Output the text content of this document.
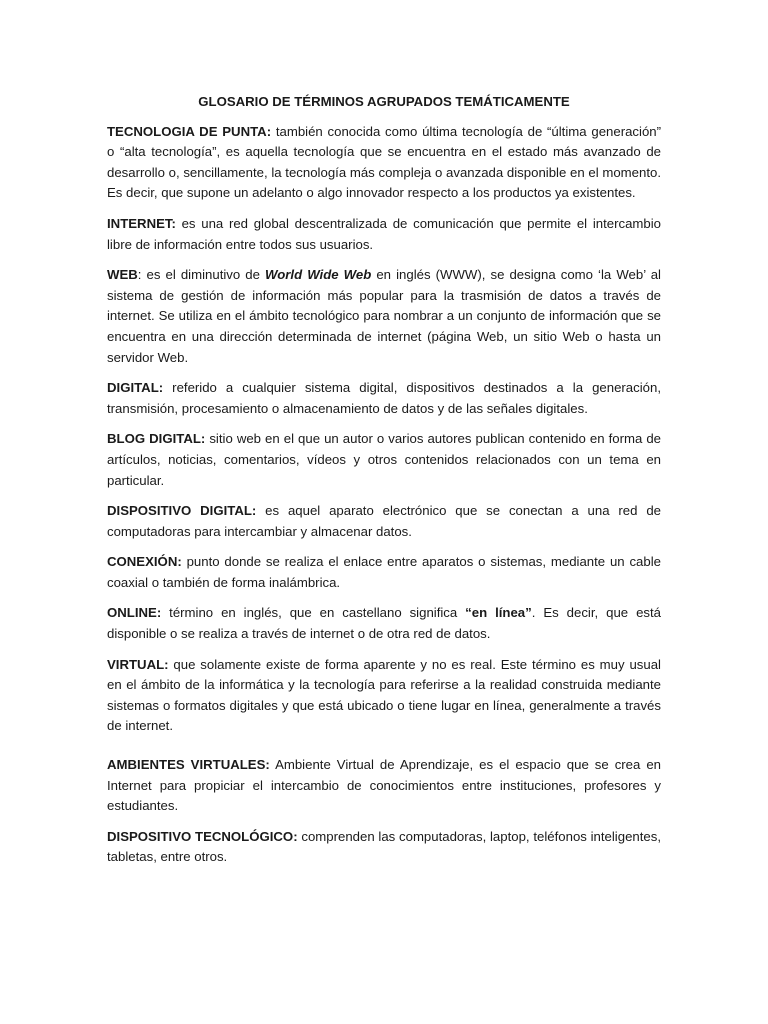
GLOSARIO DE TÉRMINOS AGRUPADOS TEMÁTICAMENTE

TECNOLOGIA DE PUNTA: también conocida como última tecnología de “última generación” o “alta tecnología”, es aquella tecnología que se encuentra en el estado más avanzado de desarrollo o, sencillamente, la tecnología más compleja o avanzada disponible en el momento. Es decir, que supone un adelanto o algo innovador respecto a los productos ya existentes.

INTERNET: es una red global descentralizada de comunicación que permite el intercambio libre de información entre todos sus usuarios.

WEB: es el diminutivo de World Wide Web en inglés (WWW), se designa como ‘la Web’ al sistema de gestión de información más popular para la trasmisión de datos a través de internet. Se utiliza en el ámbito tecnológico para nombrar a un conjunto de información que se encuentra en una dirección determinada de internet (página Web, un sitio Web o hasta un servidor Web.

DIGITAL: referido a cualquier sistema digital, dispositivos destinados a la generación, transmisión, procesamiento o almacenamiento de datos y de las señales digitales.

BLOG DIGITAL: sitio web en el que un autor o varios autores publican contenido en forma de artículos, noticias, comentarios, vídeos y otros contenidos relacionados con un tema en particular.

DISPOSITIVO DIGITAL: es aquel aparato electrónico que se conectan a una red de computadoras para intercambiar y almacenar datos.

CONEXIÓN: punto donde se realiza el enlace entre aparatos o sistemas, mediante un cable coaxial o también de forma inalámbrica.

ONLINE: término en inglés, que en castellano significa “en línea”. Es decir, que está disponible o se realiza a través de internet o de otra red de datos.

VIRTUAL: que solamente existe de forma aparente y no es real. Este término es muy usual en el ámbito de la informática y la tecnología para referirse a la realidad construida mediante sistemas o formatos digitales y que está ubicado o tiene lugar en línea, generalmente a través de internet.

AMBIENTES VIRTUALES: Ambiente Virtual de Aprendizaje, es el espacio que se crea en Internet para propiciar el intercambio de conocimientos entre instituciones, profesores y estudiantes.

DISPOSITIVO TECNOLÓGICO: comprenden las computadoras, laptop, teléfonos inteligentes, tabletas, entre otros.
